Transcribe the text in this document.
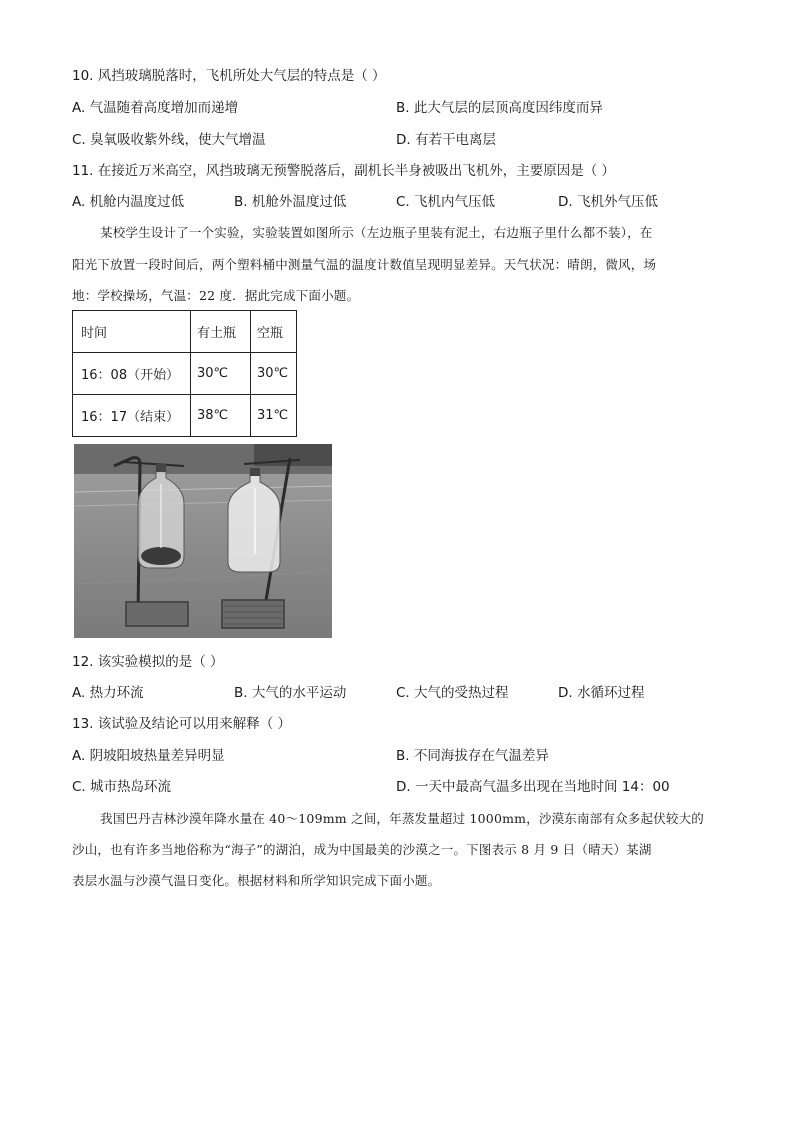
10. 风挡玻璃脱落时，飞机所处大气层的特点是（ ）
A. 气温随着高度增加而递增	B. 此大气层的层顶高度因纬度而异
C. 臭氧吸收紫外线，使大气增温	D. 有若干电离层
11. 在接近万米高空，风挡玻璃无预警脱落后，副机长半身被吸出飞机外，主要原因是（ ）
A. 机舱内温度过低	B. 机舱外温度过低	C. 飞机内气压低	D. 飞机外气压低
某校学生设计了一个实验，实验装置如图所示（左边瓶子里装有泥土，右边瓶子里什么都不装），在
阳光下放置一段时间后，两个塑料桶中测量气温的温度计数值呈现明显差异。天气状况：晴朗，微风，场
地：学校操场，气温：22 度．据此完成下面小题。
时间	有土瓶	空瓶
16：08（开始）	30℃	30℃
16：17（结束）	38℃	31℃
12. 该实验模拟的是（ ）
A. 热力环流	B. 大气的水平运动	C. 大气的受热过程	D. 水循环过程
13. 该试验及结论可以用来解释（ ）
A. 阴坡阳坡热量差异明显	B. 不同海拔存在气温差异
C. 城市热岛环流	D. 一天中最高气温多出现在当地时间 14：00
我国巴丹吉林沙漠年降水量在 40～109mm 之间，年蒸发量超过 1000mm，沙漠东南部有众多起伏较大的
沙山，也有许多当地俗称为“海子”的湖泊，成为中国最美的沙漠之一。下图表示 8 月 9 日（晴天）某湖
表层水温与沙漠气温日变化。根据材料和所学知识完成下面小题。
